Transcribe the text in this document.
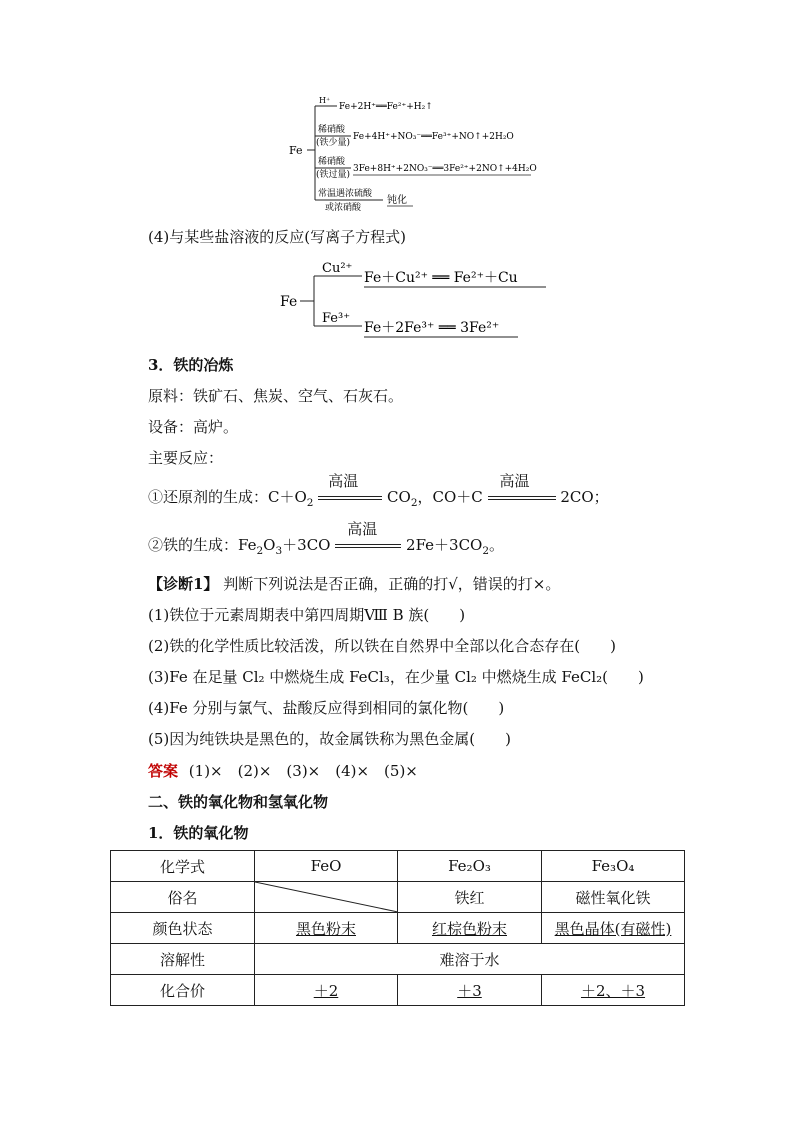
Fe
H⁺
Fe+2H⁺══Fe²⁺+H₂↑
稀硝酸
(铁少量)
Fe+4H⁺+NO₃⁻══Fe³⁺+NO↑+2H₂O
稀硝酸
(铁过量)
3Fe+8H⁺+2NO₃⁻══3Fe²⁺+2NO↑+4H₂O
常温遇浓硫酸
或浓硝酸
钝化
(4)与某些盐溶液的反应(写离子方程式)
Fe
Cu²⁺
Fe＋Cu²⁺ ══ Fe²⁺＋Cu
Fe³⁺
Fe＋2Fe³⁺ ══ 3Fe²⁺
3．铁的冶炼
原料：铁矿石、焦炭、空气、石灰石。
设备：高炉。
主要反应：
①还原剂的生成：$C+O_2$
高温
$CO_2$，CO＋C
高温
2CO；
②铁的生成：$Fe_2O_3+3CO$
高温
$2Fe+3CO_2$。
【诊断1】 判断下列说法是否正确，正确的打√，错误的打×。
(1)铁位于元素周期表中第四周期Ⅷ B 族(　　)
(2)铁的化学性质比较活泼，所以铁在自然界中全部以化合态存在(　　)
(3)Fe 在足量 Cl₂ 中燃烧生成 FeCl₃，在少量 Cl₂ 中燃烧生成 FeCl₂(　　)
(4)Fe 分别与氯气、盐酸反应得到相同的氯化物(　　)
(5)因为纯铁块是黑色的，故金属铁称为黑色金属(　　)
答案 (1)×　(2)×　(3)×　(4)×　(5)×
二、铁的氧化物和氢氧化物
1．铁的氧化物
化学式	FeO	Fe₂O₃	Fe₃O₄
俗名		铁红	磁性氧化铁
颜色状态	黑色粉末	红棕色粉末	黑色晶体(有磁性)
溶解性	难溶于水		
化合价	＋2	＋3	＋2、＋3
